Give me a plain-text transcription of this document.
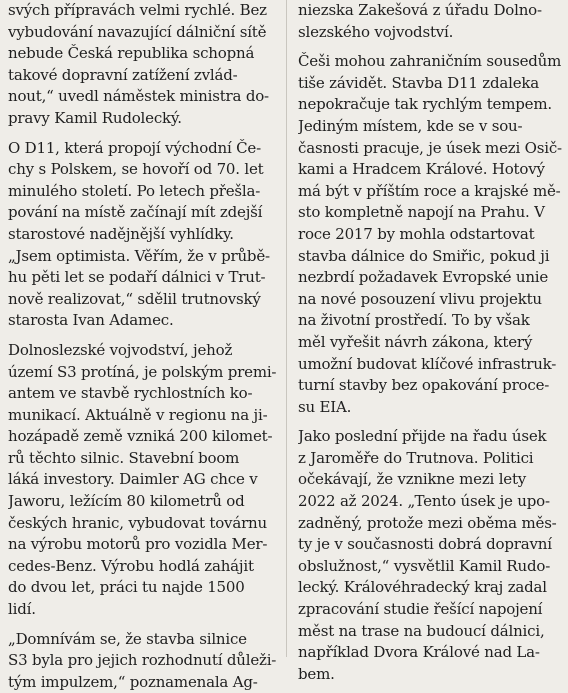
svých přípravách velmi rychlé. Bez
vybudování navazující dálniční sítě
nebude Česká republika schopná
takové dopravní zatížení zvlád-
nout,“ uvedl náměstek ministra do-
pravy Kamil Rudolecký.
O D11, která propojí východní Če-
chy s Polskem, se hovoří od 70. let
minulého století. Po letech přešla-
pování na místě začínají mít zdejší
starostové nadějnější vyhlídky.
„Jsem optimista. Věřím, že v průbě-
hu pěti let se podaří dálnici v Trut-
nově realizovat,“ sdělil trutnovský
starosta Ivan Adamec.
Dolnoslezské vojvodství, jehož
území S3 protíná, je polským premi-
antem ve stavbě rychlostních ko-
munikací. Aktuálně v regionu na ji-
hozápadě země vzniká 200 kilomet-
rů těchto silnic. Stavební boom
láká investory. Daimler AG chce v
Jaworu, ležícím 80 kilometrů od
českých hranic, vybudovat továrnu
na výrobu motorů pro vozidla Mer-
cedes-Benz. Výrobu hodlá zahájit
do dvou let, práci tu najde 1500
lidí.
„Domnívám se, že stavba silnice
S3 byla pro jejich rozhodnutí důleži-
tým impulzem,“ poznamenala Ag-
niezska Zakešová z úřadu Dolno-
slezského vojvodství.
Češi mohou zahraničním sousedům
tiše závidět. Stavba D11 zdaleka
nepokračuje tak rychlým tempem.
Jediným místem, kde se v sou-
časnosti pracuje, je úsek mezi Osič-
kami a Hradcem Králové. Hotový
má být v příštím roce a krajské mě-
sto kompletně napojí na Prahu. V
roce 2017 by mohla odstartovat
stavba dálnice do Smiřic, pokud ji
nezbrdí požadavek Evropské unie
na nové posouzení vlivu projektu
na životní prostředí. To by však
měl vyřešit návrh zákona, který
umožní budovat klíčové infrastruk-
turní stavby bez opakování proce-
su EIA.
Jako poslední přijde na řadu úsek
z Jaroměře do Trutnova. Politici
očekávají, že vznikne mezi lety
2022 až 2024. „Tento úsek je upo-
zadněný, protože mezi oběma měs-
ty je v současnosti dobrá dopravní
obslužnost,“ vysvětlil Kamil Rudo-
lecký. Královéhradecký kraj zadal
zpracování studie řešící napojení
měst na trase na budoucí dálnici,
například Dvora Králové nad La-
bem.
